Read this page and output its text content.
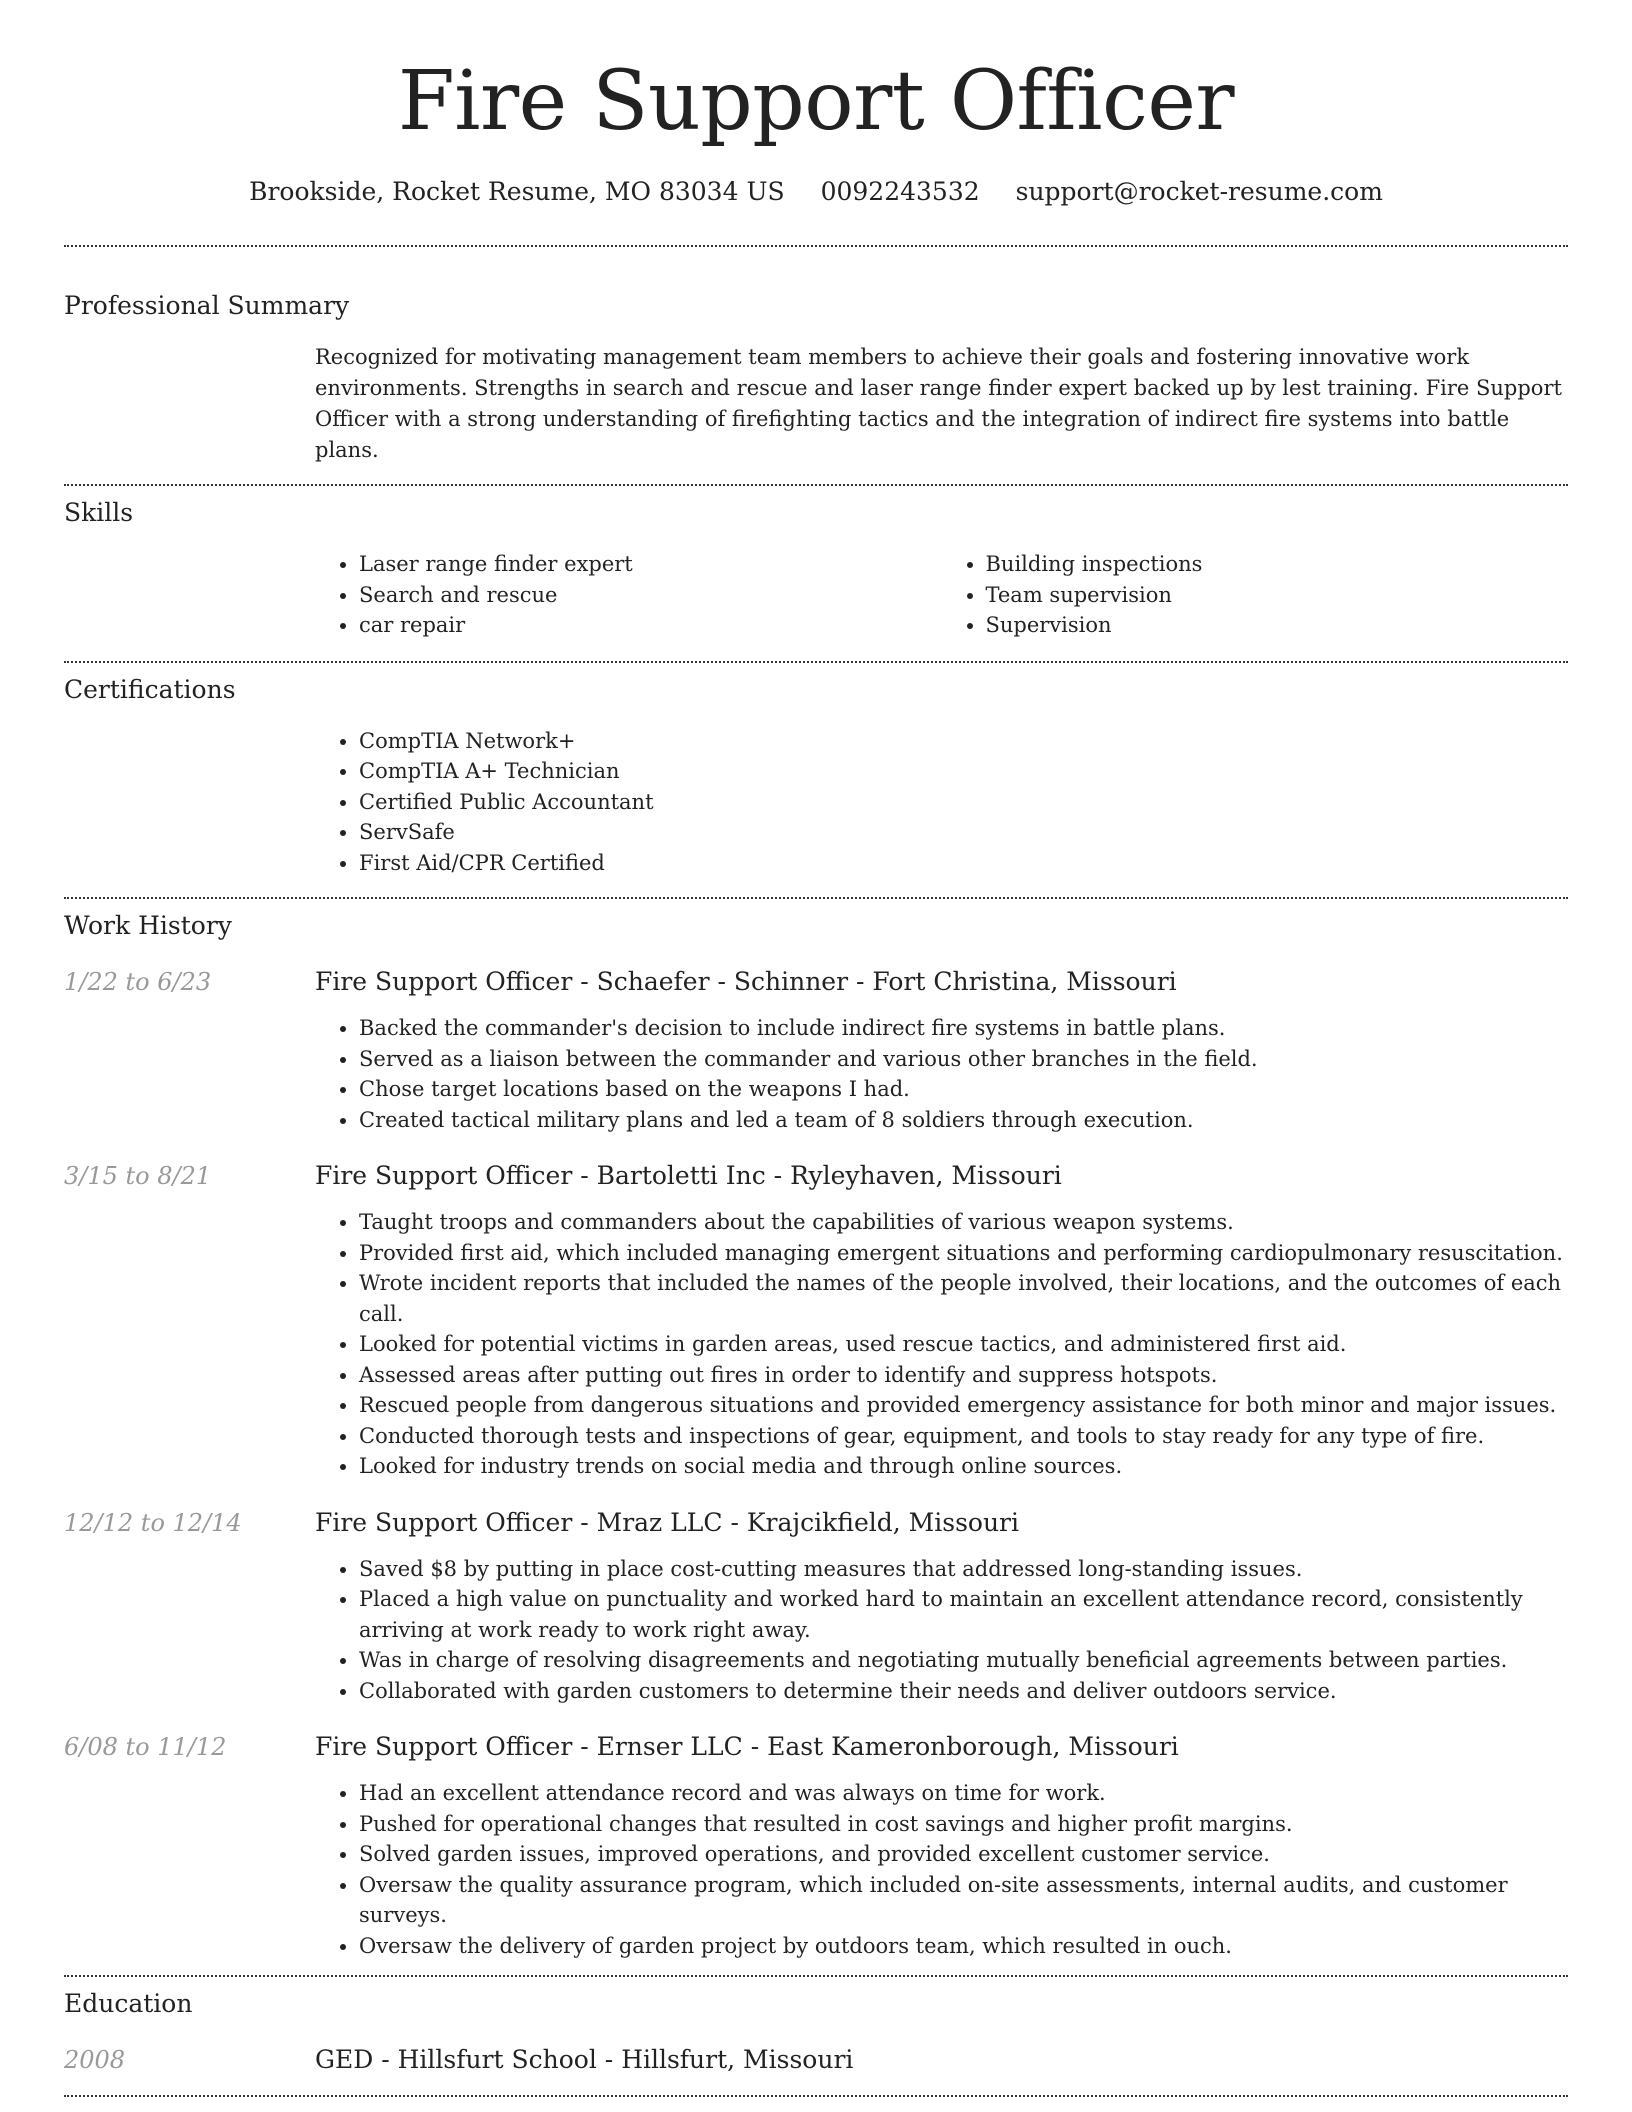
Fire Support Officer
Brookside, Rocket Resume, MO 83034 US 0092243532 support@rocket-resume.com
Professional Summary

Recognized for motivating management team members to achieve their goals and fostering innovative work environments. Strengths in search and rescue and laser range finder expert backed up by lest training. Fire Support Officer with a strong understanding of firefighting tactics and the integration of indirect fire systems into battle plans.

Skills
• Laser range finder expert
• Search and rescue
• car repair
• Building inspections
• Team supervision
• Supervision
Certifications
• CompTIA Network+
• CompTIA A+ Technician
• Certified Public Accountant
• ServSafe
• First Aid/CPR Certified
Work History
1/22 to 6/23	Fire Support Officer - Schaefer - Schinner - Fort Christina, Missouri
• Backed the commander's decision to include indirect fire systems in battle plans.
• Served as a liaison between the commander and various other branches in the field.
• Chose target locations based on the weapons I had.
• Created tactical military plans and led a team of 8 soldiers through execution.
3/15 to 8/21	Fire Support Officer - Bartoletti Inc - Ryleyhaven, Missouri
• Taught troops and commanders about the capabilities of various weapon systems.
• Provided first aid, which included managing emergent situations and performing cardiopulmonary resuscitation.
• Wrote incident reports that included the names of the people involved, their locations, and the outcomes of each call.
• Looked for potential victims in garden areas, used rescue tactics, and administered first aid.
• Assessed areas after putting out fires in order to identify and suppress hotspots.
• Rescued people from dangerous situations and provided emergency assistance for both minor and major issues.
• Conducted thorough tests and inspections of gear, equipment, and tools to stay ready for any type of fire.
• Looked for industry trends on social media and through online sources.
12/12 to 12/14	Fire Support Officer - Mraz LLC - Krajcikfield, Missouri
• Saved $8 by putting in place cost-cutting measures that addressed long-standing issues.
• Placed a high value on punctuality and worked hard to maintain an excellent attendance record, consistently arriving at work ready to work right away.
• Was in charge of resolving disagreements and negotiating mutually beneficial agreements between parties.
• Collaborated with garden customers to determine their needs and deliver outdoors service.
6/08 to 11/12	Fire Support Officer - Ernser LLC - East Kameronborough, Missouri
• Had an excellent attendance record and was always on time for work.
• Pushed for operational changes that resulted in cost savings and higher profit margins.
• Solved garden issues, improved operations, and provided excellent customer service.
• Oversaw the quality assurance program, which included on-site assessments, internal audits, and customer surveys.
• Oversaw the delivery of garden project by outdoors team, which resulted in ouch.
Education
2008	GED - Hillsfurt School - Hillsfurt, Missouri
